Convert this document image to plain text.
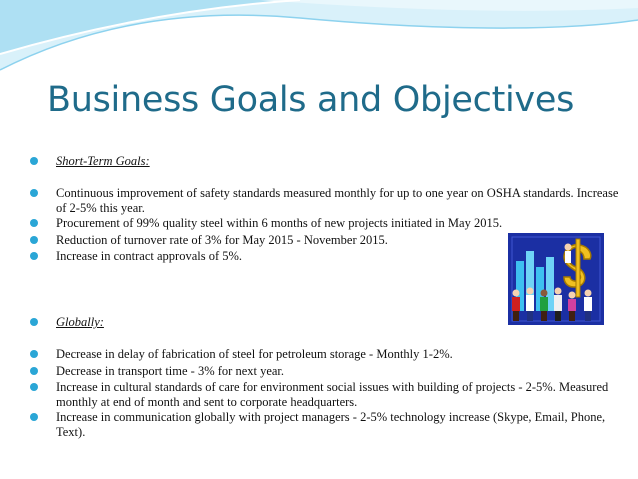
Business Goals and Objectives
Short-Term Goals:
Continuous improvement of safety standards measured monthly for up to one year on OSHA standards. Increase of 2-5% this year.
Procurement of 99% quality steel within 6 months of new projects initiated in May 2015.
Reduction of turnover rate of 3% for May 2015 - November 2015.
Increase in contract approvals of 5%.
Globally:
Decrease in delay of fabrication of steel for petroleum storage - Monthly 1-2%.
Decrease in transport time - 3% for next year.
Increase in cultural standards of care for environment social issues with building of projects - 2-5%. Measured monthly at end of month and sent to corporate headquarters.
Increase in communication globally with project managers - 2-5% technology increase (Skype, Email, Phone, Text).
